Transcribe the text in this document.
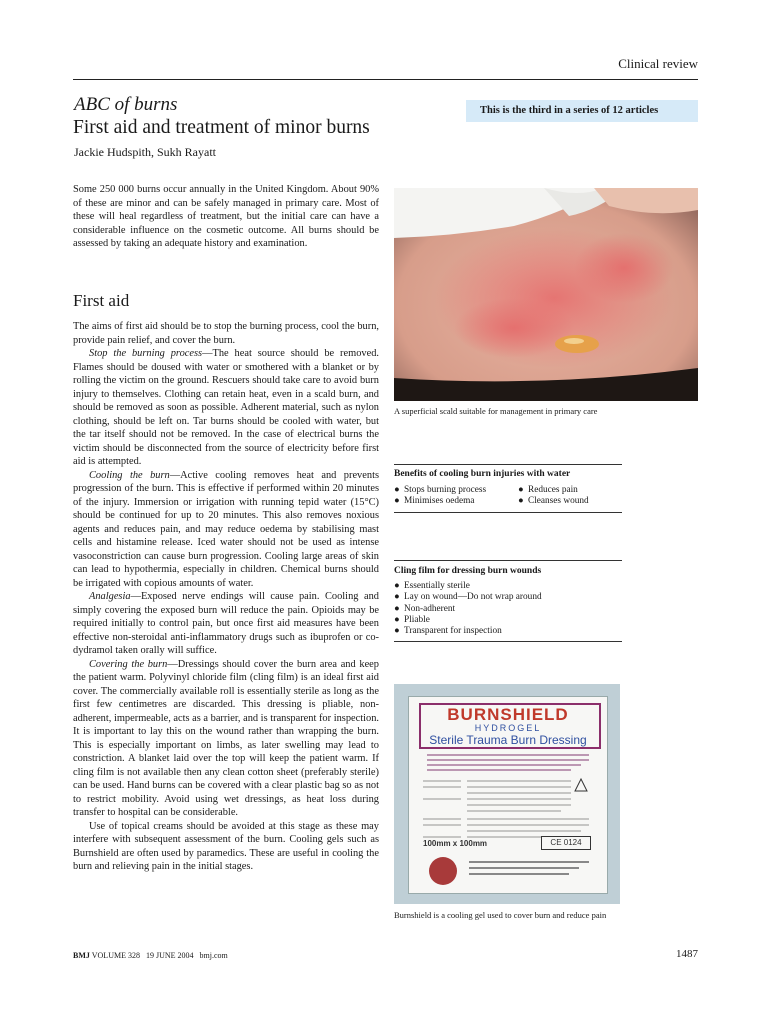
Clinical review
ABC of burns
First aid and treatment of minor burns
Jackie Hudspith, Sukh Rayatt
This is the third in a series of 12 articles

Some 250 000 burns occur annually in the United Kingdom. About 90% of these are minor and can be safely managed in primary care. Most of these will heal regardless of treatment, but the initial care can have a considerable influence on the cosmetic outcome. All burns should be assessed by taking an adequate history and examination.

First aid

The aims of first aid should be to stop the burning process, cool the burn, provide pain relief, and cover the burn.

Stop the burning process—The heat source should be removed. Flames should be doused with water or smothered with a blanket or by rolling the victim on the ground. Rescuers should take care to avoid burn injury to themselves. Clothing can retain heat, even in a scald burn, and should be removed as soon as possible. Adherent material, such as nylon clothing, should be left on. Tar burns should be cooled with water, but the tar itself should not be removed. In the case of electrical burns the victim should be disconnected from the source of electricity before first aid is attempted.

Cooling the burn—Active cooling removes heat and prevents progression of the burn. This is effective if performed within 20 minutes of the injury. Immersion or irrigation with running tepid water (15°C) should be continued for up to 20 minutes. This also removes noxious agents and reduces pain, and may reduce oedema by stabilising mast cells and histamine release. Iced water should not be used as intense vasoconstriction can cause burn progression. Cooling large areas of skin can lead to hypothermia, especially in children. Chemical burns should be irrigated with copious amounts of water.

Analgesia—Exposed nerve endings will cause pain. Cooling and simply covering the exposed burn will reduce the pain. Opioids may be required initially to control pain, but once first aid measures have been effective non-steroidal anti-inflammatory drugs such as ibuprofen or co-dydramol taken orally will suffice.

Covering the burn—Dressings should cover the burn area and keep the patient warm. Polyvinyl chloride film (cling film) is an ideal first aid cover. The commercially available roll is essentially sterile as long as the first few centimetres are discarded. This dressing is pliable, non-adherent, impermeable, acts as a barrier, and is transparent for inspection. It is important to lay this on the wound rather than wrapping the burn. This is especially important on limbs, as later swelling may lead to constriction. A blanket laid over the top will keep the patient warm. If cling film is not available then any clean cotton sheet (preferably sterile) can be used. Hand burns can be covered with a clear plastic bag so as not to restrict mobility. Avoid using wet dressings, as heat loss during transfer to hospital can be considerable.

Use of topical creams should be avoided at this stage as these may interfere with subsequent assessment of the burn. Cooling gels such as Burnshield are often used by paramedics. These are useful in cooling the burn and relieving pain in the initial stages.

A superficial scald suitable for management in primary care
Benefits of cooling burn injuries with water
● Stops burning process
● Minimises oedema
● Reduces pain
● Cleanses wound
Cling film for dressing burn wounds
● Essentially sterile
● Lay on wound—Do not wrap around
● Non-adherent
● Pliable
● Transparent for inspection
BURNSHIELD
HYDROGEL
Sterile Trauma Burn Dressing
100mm x 100mm	CE 0124
Burnshield is a cooling gel used to cover burn and reduce pain
BMJ VOLUME 328 19 JUNE 2004 bmj.com	1487
